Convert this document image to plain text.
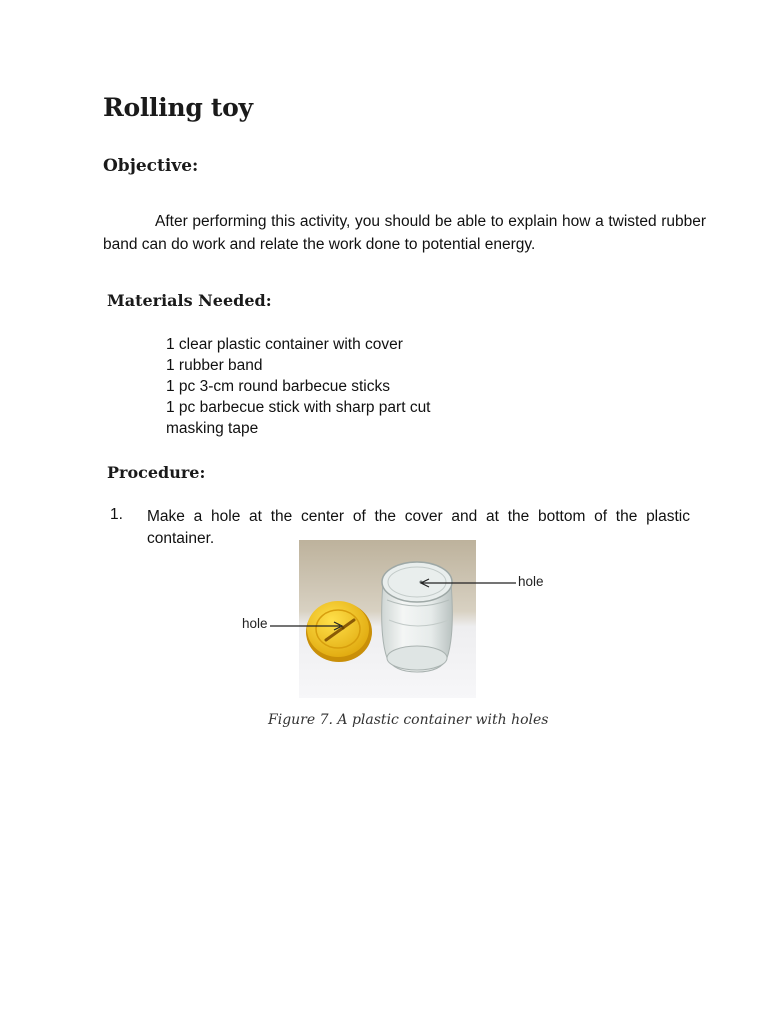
Rolling toy
Objective:

After performing this activity, you should be able to explain how a twisted rubber band can do work and relate the work done to potential energy.

Materials Needed:
1 clear plastic container with cover
1 rubber band
1 pc 3-cm round barbecue sticks
1 pc barbecue stick with sharp part cut
masking tape
Procedure:
1. Make a hole at the center of the cover and at the bottom of the plastic container.
hole
hole

Figure 7. A plastic container with holes
